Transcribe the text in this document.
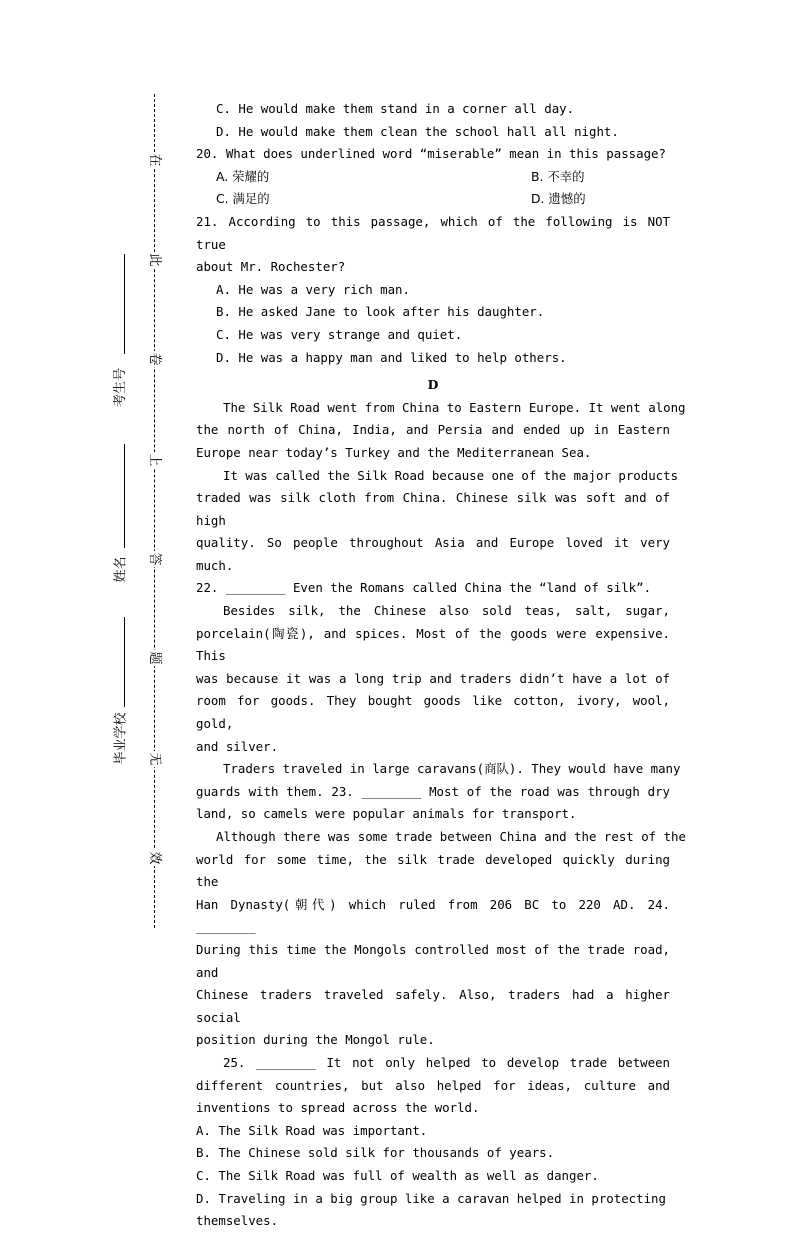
在
此
卷
上
答
题
无
效
考生号
姓名
毕业学校
C. He would make them stand in a corner all day.
D. He would make them clean the school hall all night.
20. What does underlined word “miserable” mean in this passage?
A. 荣耀的	B. 不幸的
C. 满足的	D. 遗憾的
21. According to this passage, which of the following is NOT true
about Mr. Rochester?
A. He was a very rich man.
B. He asked Jane to look after his daughter.
C. He was very strange and quiet.
D. He was a happy man and liked to help others.
D
The Silk Road went from China to Eastern Europe. It went along
the north of China, India, and Persia and ended up in Eastern
Europe near today’s Turkey and the Mediterranean Sea.
It was called the Silk Road because one of the major products
traded was silk cloth from China. Chinese silk was soft and of high
quality. So people throughout Asia and Europe loved it very much.
22. ________ Even the Romans called China the “land of silk”.
Besides silk, the Chinese also sold teas, salt, sugar,
porcelain(陶瓷), and spices. Most of the goods were expensive. This
was because it was a long trip and traders didn’t have a lot of
room for goods. They bought goods like cotton, ivory, wool, gold,
and silver.
Traders traveled in large caravans(商队). They would have many
guards with them. 23. ________ Most of the road was through dry
land, so camels were popular animals for transport.
Although there was some trade between China and the rest of the
world for some time, the silk trade developed quickly during the
Han Dynasty(朝代) which ruled from 206 BC to 220 AD. 24. ________
During this time the Mongols controlled most of the trade road, and
Chinese traders traveled safely. Also, traders had a higher social
position during the Mongol rule.
25. ________ It not only helped to develop trade between
different countries, but also helped for ideas, culture and
inventions to spread across the world.
A. The Silk Road was important.
B. The Chinese sold silk for thousands of years.
C. The Silk Road was full of wealth as well as danger.
D. Traveling in a big group like a caravan helped in protecting
themselves.
